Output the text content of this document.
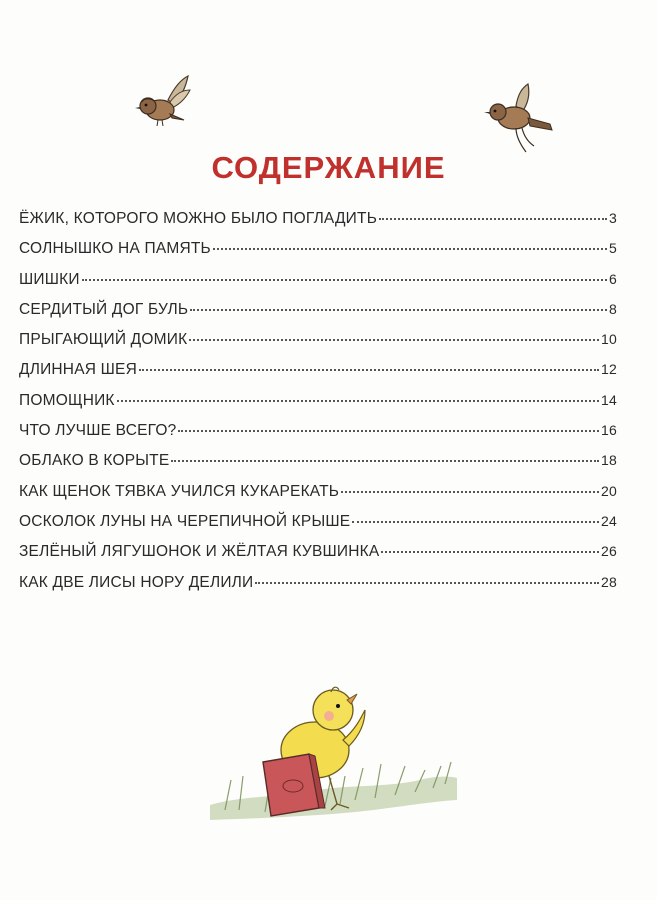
СОДЕРЖАНИЕ
ЁЖИК, КОТОРОГО МОЖНО БЫЛО ПОГЛАДИТЬ	3
СОЛНЫШКО НА ПАМЯТЬ	5
ШИШКИ	6
СЕРДИТЫЙ ДОГ БУЛЬ	8
ПРЫГАЮЩИЙ ДОМИК	10
ДЛИННАЯ ШЕЯ	12
ПОМОЩНИК	14
ЧТО ЛУЧШЕ ВСЕГО?	16
ОБЛАКО В КОРЫТЕ	18
КАК ЩЕНОК ТЯВКА УЧИЛСЯ КУКАРЕКАТЬ	20
ОСКОЛОК ЛУНЫ НА ЧЕРЕПИЧНОЙ КРЫШЕ	24
ЗЕЛЁНЫЙ ЛЯГУШОНОК И ЖЁЛТАЯ КУВШИНКА	26
КАК ДВЕ ЛИСЫ НОРУ ДЕЛИЛИ	28
